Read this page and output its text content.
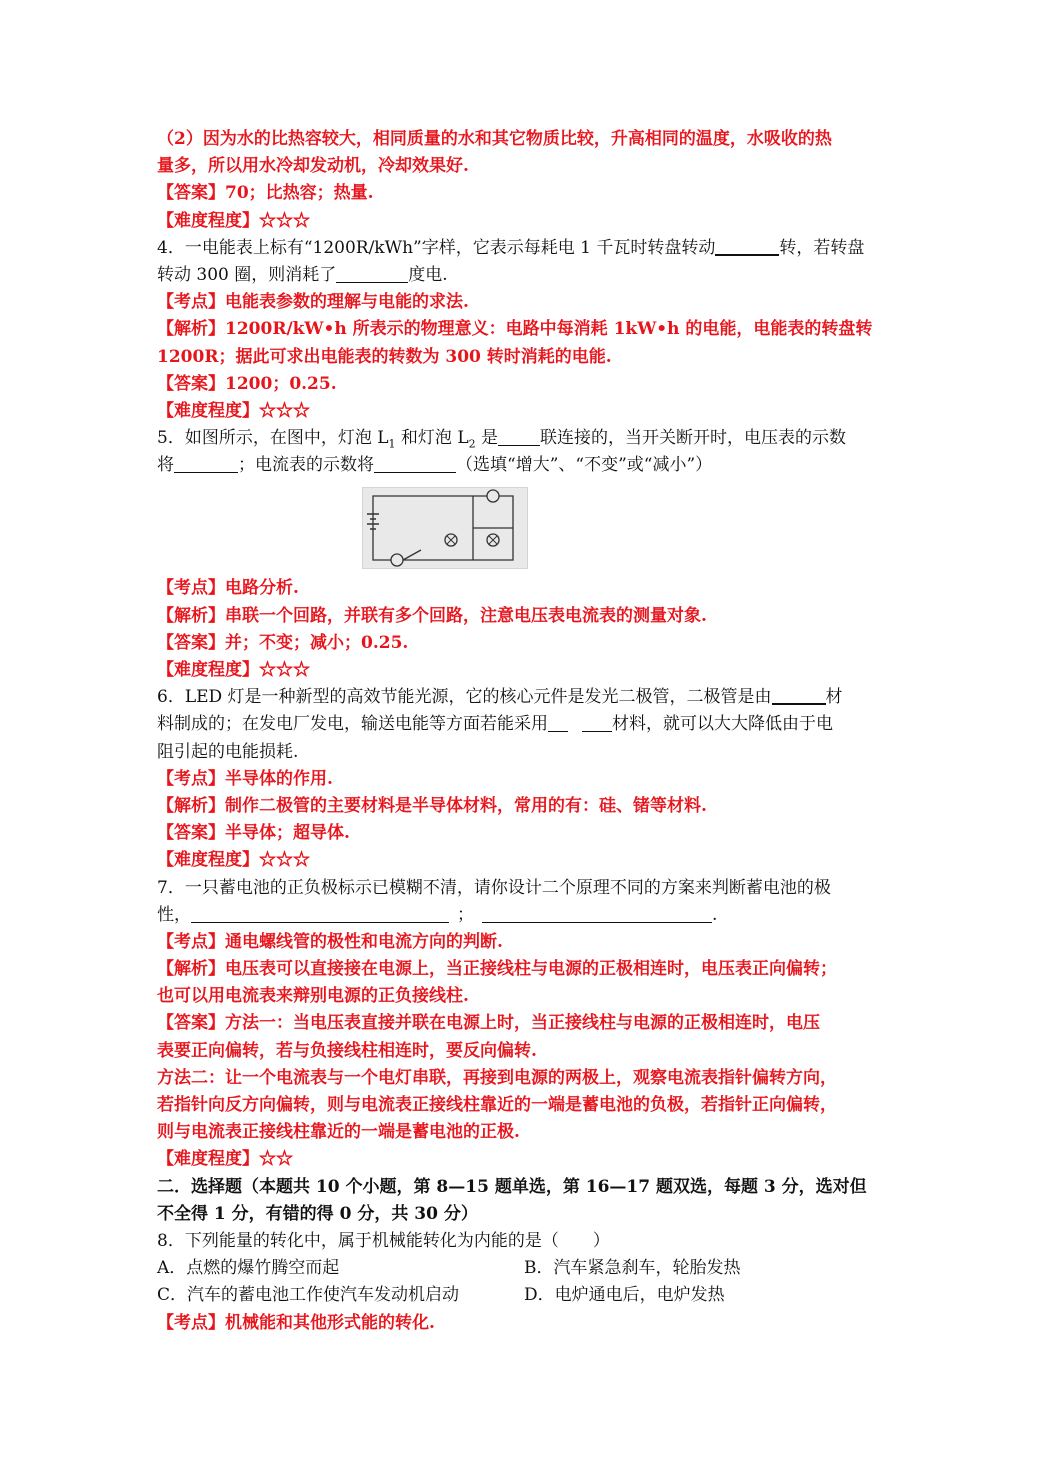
（2）因为水的比热容较大，相同质量的水和其它物质比较，升高相同的温度，水吸收的热
量多，所以用水冷却发动机，冷却效果好.
【答案】70；比热容；热量.
【难度程度】☆☆☆
4．一电能表上标有“1200R/kWh”字样，它表示每耗电 1 千瓦时转盘转动	转，若转盘
转动 300 圈，则消耗了	度电.
【考点】电能表参数的理解与电能的求法.
【解析】1200R/kW•h 所表示的物理意义：电路中每消耗 1kW•h 的电能，电能表的转盘转
1200R；据此可求出电能表的转数为 300 转时消耗的电能.
【答案】1200；0.25.
【难度程度】☆☆☆
5．如图所示，在图中，灯泡 $L_1$ 和灯泡 $L_2$ 是 联连接的，当开关断开时，电压表的示数
将	；电流表的示数将	（选填“增大”、“不变”或“减小”）
【考点】电路分析.
【解析】串联一个回路，并联有多个回路，注意电压表电流表的测量对象.
【答案】并；不变；减小；0.25.
【难度程度】☆☆☆
6．LED 灯是一种新型的高效节能光源，它的核心元件是发光二极管，二极管是由	材
料制成的；在发电厂发电，输送电能等方面若能采用	材料，就可以大大降低由于电
阻引起的电能损耗.
【考点】半导体的作用.
【解析】制作二极管的主要材料是半导体材料，常用的有：硅、锗等材料.
【答案】半导体；超导体.
【难度程度】☆☆☆
7．一只蓄电池的正负极标示已模糊不清，请你设计二个原理不同的方案来判断蓄电池的极
性，	；	.
【考点】通电螺线管的极性和电流方向的判断.
【解析】电压表可以直接接在电源上，当正接线柱与电源的正极相连时，电压表正向偏转；
也可以用电流表来辩别电源的正负接线柱.
【答案】方法一：当电压表直接并联在电源上时，当正接线柱与电源的正极相连时，电压
表要正向偏转，若与负接线柱相连时，要反向偏转.
方法二：让一个电流表与一个电灯串联，再接到电源的两极上，观察电流表指针偏转方向，
若指针向反方向偏转，则与电流表正接线柱靠近的一端是蓄电池的负极，若指针正向偏转，
则与电流表正接线柱靠近的一端是蓄电池的正极.
【难度程度】☆☆
二．选择题（本题共 10 个小题，第 8—15 题单选，第 16—17 题双选，每题 3 分，选对但
不全得 1 分，有错的得 0 分，共 30 分）
8．下列能量的转化中，属于机械能转化为内能的是（　　）
A．点燃的爆竹腾空而起	B．汽车紧急刹车，轮胎发热
C．汽车的蓄电池工作使汽车发动机启动	D．电炉通电后，电炉发热
【考点】机械能和其他形式能的转化.
